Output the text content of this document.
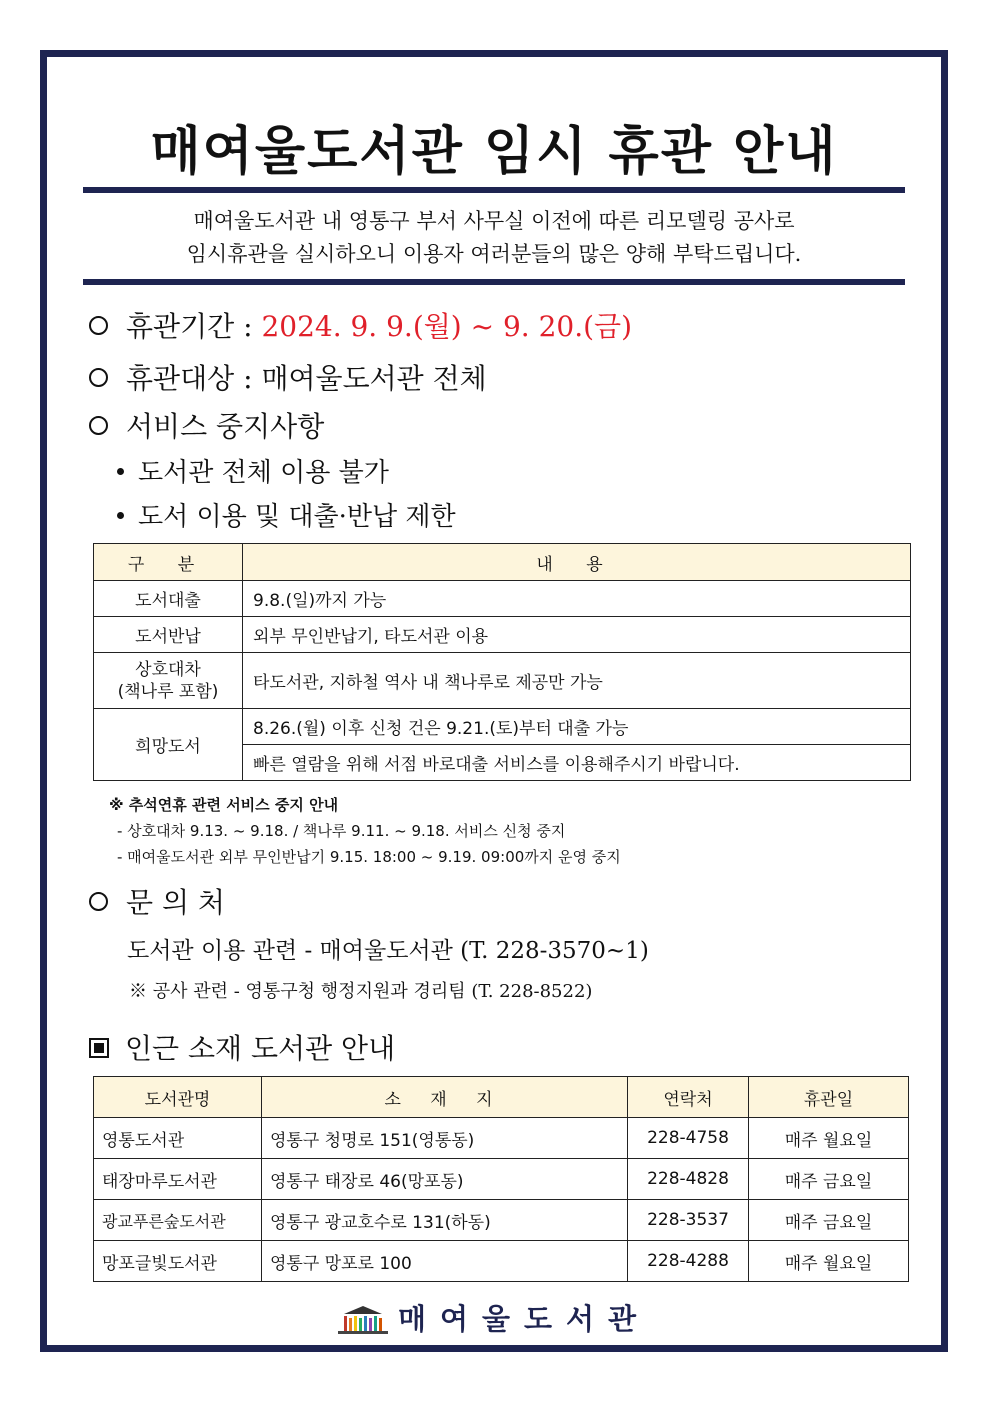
매여울도서관 임시 휴관 안내
매여울도서관 내 영통구 부서 사무실 이전에 따른 리모델링 공사로
임시휴관을 실시하오니 이용자 여러분들의 많은 양해 부탁드립니다.
휴관기간 : 2024. 9. 9.(월) ~ 9. 20.(금)
휴관대상 : 매여울도서관 전체
서비스 중지사항
도서관 전체 이용 불가
도서 이용 및 대출·반납 제한
구 분	내 용
도서대출	9.8.(일)까지 가능
도서반납	외부 무인반납기, 타도서관 이용

상호대차
(책나루 포함)	타도서관, 지하철 역사 내 책나루로 제공만 가능
희망도서	8.26.(월) 이후 신청 건은 9.21.(토)부터 대출 가능
	빠른 열람을 위해 서점 바로대출 서비스를 이용해주시기 바랍니다.
※ 추석연휴 관련 서비스 중지 안내
- 상호대차 9.13. ~ 9.18. / 책나루 9.11. ~ 9.18. 서비스 신청 중지
- 매여울도서관 외부 무인반납기 9.15. 18:00 ~ 9.19. 09:00까지 운영 중지
문 의 처
도서관 이용 관련 - 매여울도서관 (T. 228-3570~1)
※ 공사 관련 - 영통구청 행정지원과 경리팀 (T. 228-8522)
인근 소재 도서관 안내
도서관명	소 재 지	연락처	휴관일
영통도서관	영통구 청명로 151(영통동)	228-4758	매주 월요일
태장마루도서관	영통구 태장로 46(망포동)	228-4828	매주 금요일
광교푸른숲도서관	영통구 광교호수로 131(하동)	228-3537	매주 금요일
망포글빛도서관	영통구 망포로 100	228-4288	매주 월요일
매여울도서관
